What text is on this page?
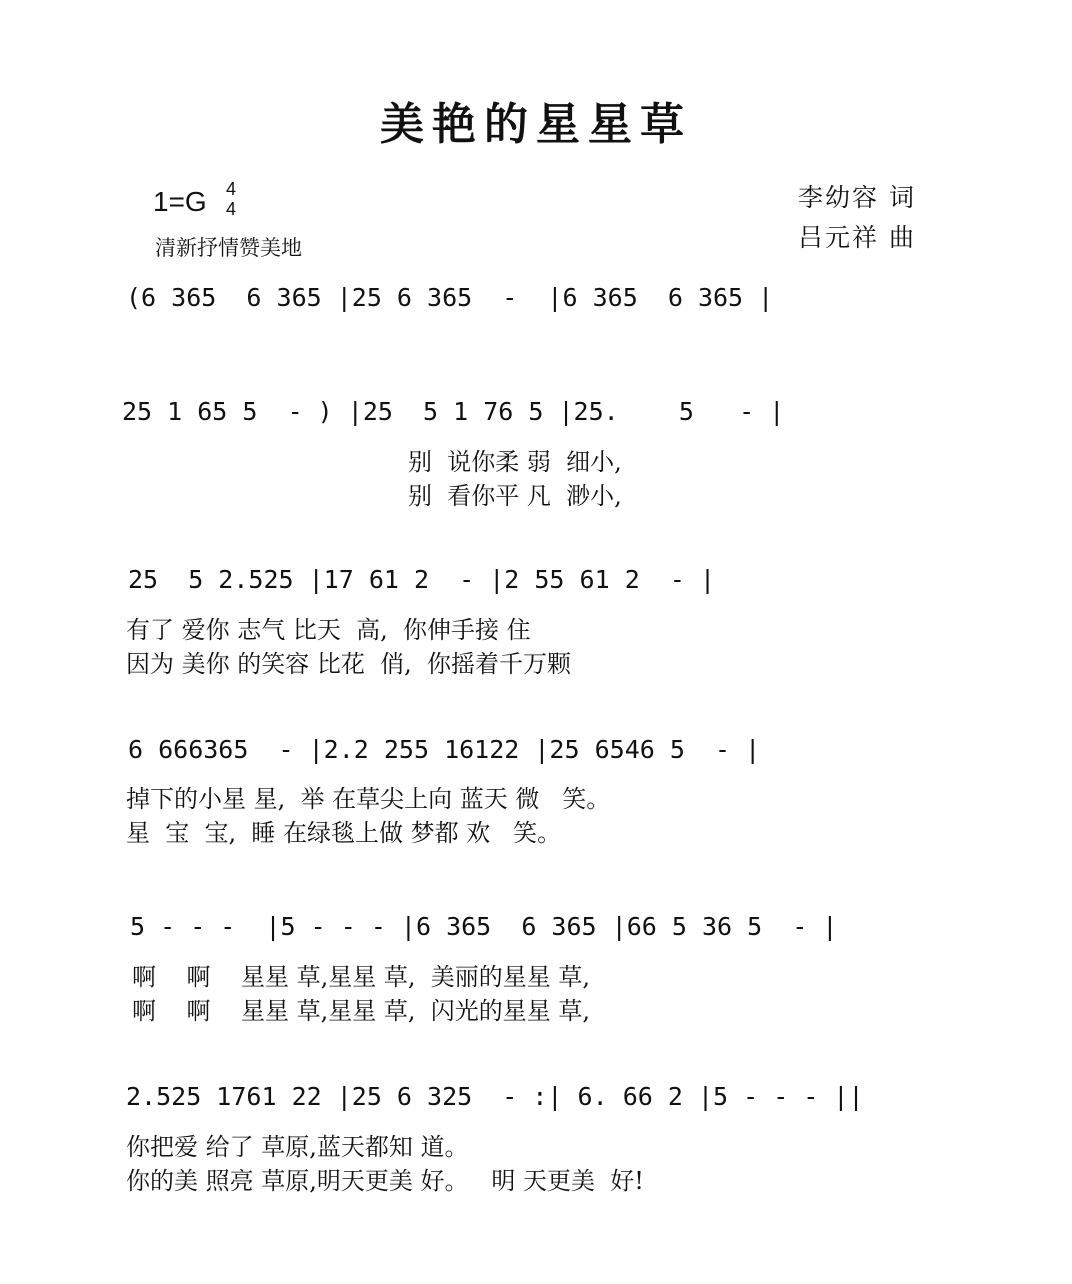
美艳的星星草
1=G 4
4
清新抒情赞美地
李幼容 词
吕元祥 曲
(6 365  6 365 |25 6 365  -  |6 365  6 365 |
25 1 65 5  - ) |25  5 1 76 5 |25.    5   - |
别  说你柔 弱  细小,
别  看你平 凡  渺小,
25  5 2.525 |17 61 2  - |2 55 61 2  - |
有了 爱你 志气 比天  高,  你伸手接 住
因为 美你 的笑容 比花  俏,  你摇着千万颗
6 666365  - |2.2 255 16122 |25 6546 5  - |
掉下的小星 星,  举 在草尖上向 蓝天 微   笑。
星  宝  宝,  睡 在绿毯上做 梦都 欢   笑。
5 - - -  |5 - - - |6 365  6 365 |66 5 36 5  - |
啊    啊    星星 草,星星 草,  美丽的星星 草,
啊    啊    星星 草,星星 草,  闪光的星星 草,
2.525 1761 22 |25 6 325  - :| 6. 66 2 |5 - - - ||
你把爱 给了 草原,蓝天都知 道。
你的美 照亮 草原,明天更美 好。   明 天更美  好!
